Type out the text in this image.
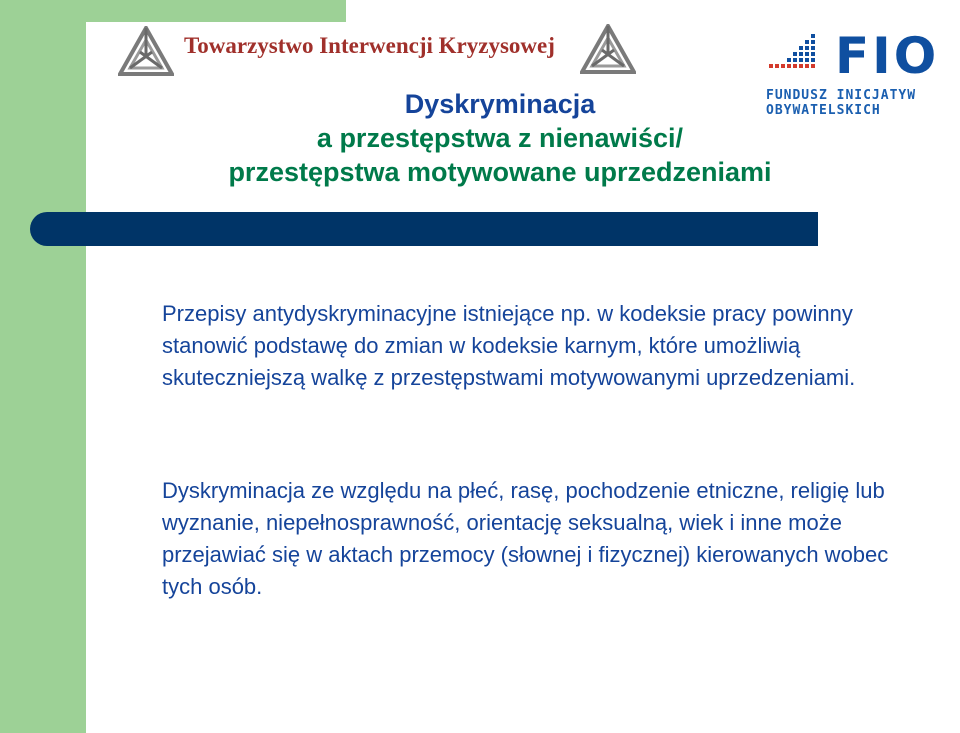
Towarzystwo Interwencji Kryzysowej	FIO
FUNDUSZ INICJATYW
OBYWATELSKICH
Dyskryminacja
a przestępstwa z nienawiści/
przestępstwa motywowane uprzedzeniami
Przepisy antydyskryminacyjne istniejące np. w kodeksie pracy powinny stanowić podstawę do zmian w kodeksie karnym, które umożliwią skuteczniejszą walkę z przestępstwami motywowanymi uprzedzeniami.
Dyskryminacja ze względu na płeć, rasę, pochodzenie etniczne, religię lub wyznanie, niepełnosprawność, orientację seksualną, wiek i inne może przejawiać się w aktach przemocy (słownej i fizycznej) kierowanych wobec tych osób.
